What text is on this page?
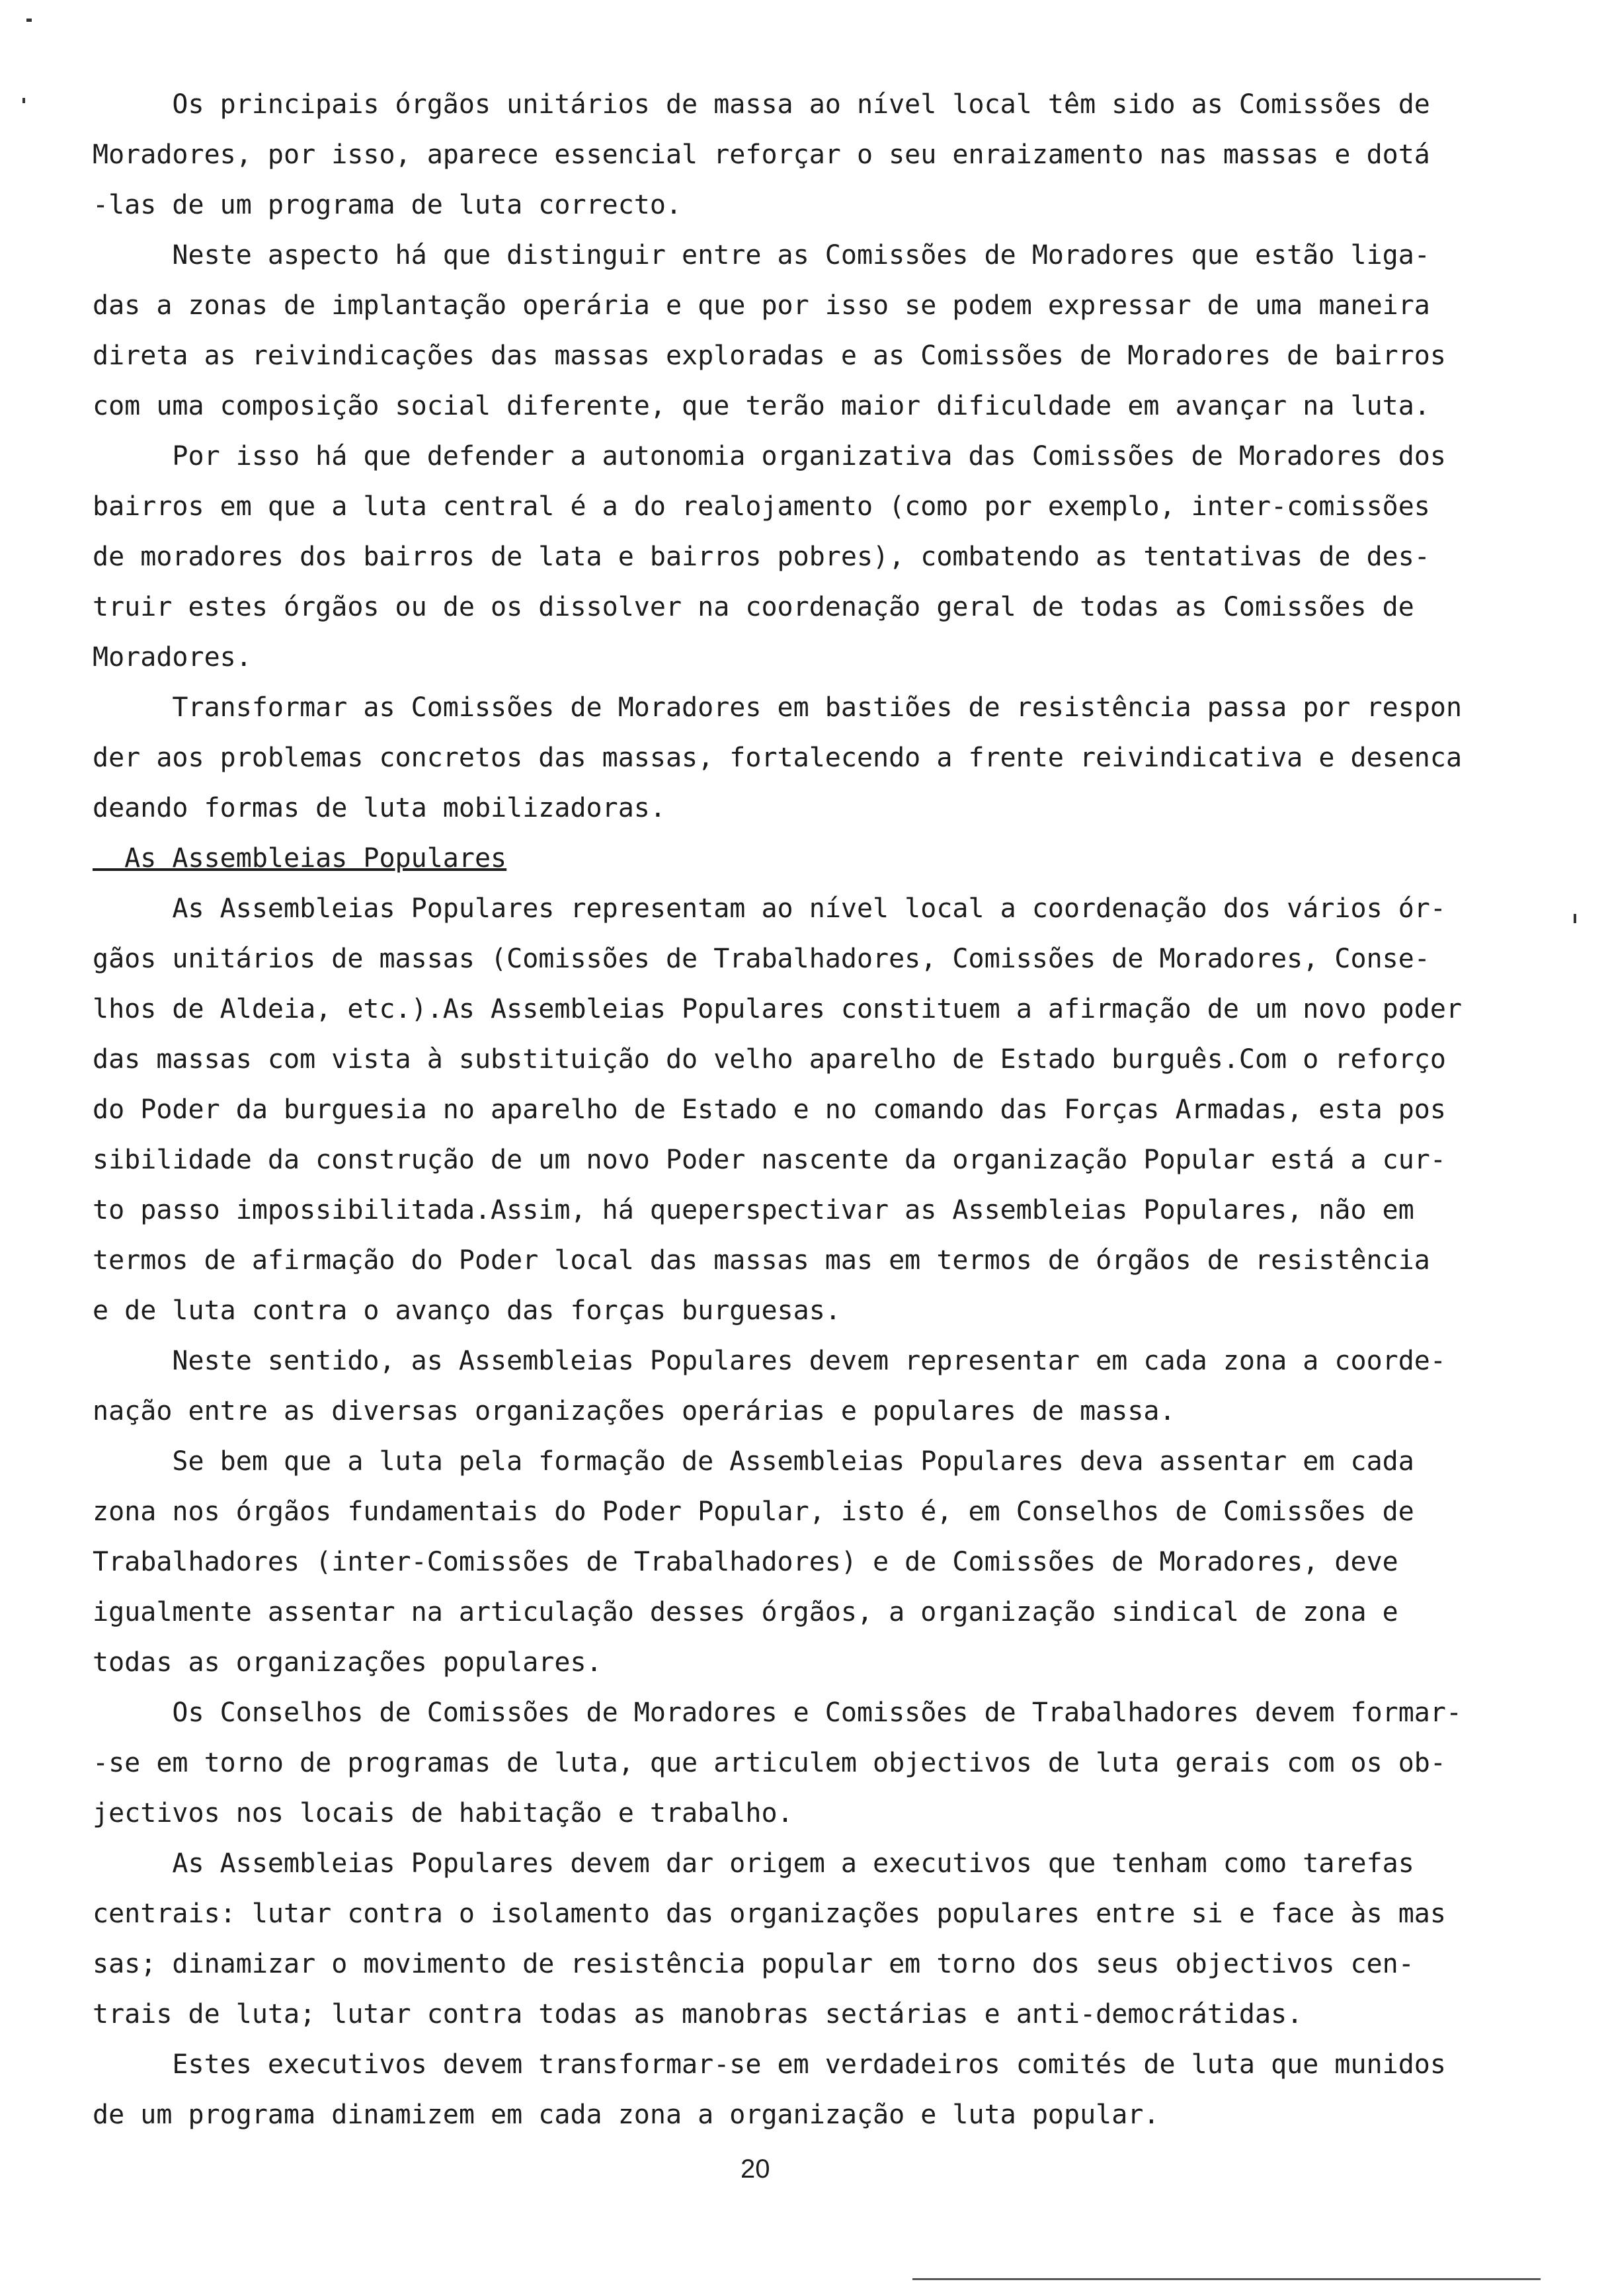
Os principais órgãos unitários de massa ao nível local têm sido as Comissões de

Moradores, por isso, aparece essencial reforçar o seu enraizamento nas massas e dotá

-las de um programa de luta correcto.

Neste aspecto há que distinguir entre as Comissões de Moradores que estão liga-

das a zonas de implantação operária e que por isso se podem expressar de uma maneira

direta as reivindicações das massas exploradas e as Comissões de Moradores de bairros

com uma composição social diferente, que terão maior dificuldade em avançar na luta.

Por isso há que defender a autonomia organizativa das Comissões de Moradores dos

bairros em que a luta central é a do realojamento (como por exemplo, inter-comissões

de moradores dos bairros de lata e bairros pobres), combatendo as tentativas de des-

truir estes órgãos ou de os dissolver na coordenação geral de todas as Comissões de

Moradores.

Transformar as Comissões de Moradores em bastiões de resistência passa por respon

der aos problemas concretos das massas, fortalecendo a frente reivindicativa e desenca

deando formas de luta mobilizadoras.

As Assembleias Populares

As Assembleias Populares representam ao nível local a coordenação dos vários ór-

gãos unitários de massas (Comissões de Trabalhadores, Comissões de Moradores, Conse-

lhos de Aldeia, etc.).As Assembleias Populares constituem a afirmação de um novo poder

das massas com vista à substituição do velho aparelho de Estado burguês.Com o reforço

do Poder da burguesia no aparelho de Estado e no comando das Forças Armadas, esta pos

sibilidade da construção de um novo Poder nascente da organização Popular está a cur-

to passo impossibilitada.Assim, há queperspectivar as Assembleias Populares, não em

termos de afirmação do Poder local das massas mas em termos de órgãos de resistência

e de luta contra o avanço das forças burguesas.

Neste sentido, as Assembleias Populares devem representar em cada zona a coorde-

nação entre as diversas organizações operárias e populares de massa.

Se bem que a luta pela formação de Assembleias Populares deva assentar em cada

zona nos órgãos fundamentais do Poder Popular, isto é, em Conselhos de Comissões de

Trabalhadores (inter-Comissões de Trabalhadores) e de Comissões de Moradores, deve

igualmente assentar na articulação desses órgãos, a organização sindical de zona e

todas as organizações populares.

Os Conselhos de Comissões de Moradores e Comissões de Trabalhadores devem formar-

-se em torno de programas de luta, que articulem objectivos de luta gerais com os ob-

jectivos nos locais de habitação e trabalho.

As Assembleias Populares devem dar origem a executivos que tenham como tarefas

centrais: lutar contra o isolamento das organizações populares entre si e face às mas

sas; dinamizar o movimento de resistência popular em torno dos seus objectivos cen-

trais de luta; lutar contra todas as manobras sectárias e anti-democrátidas.

Estes executivos devem transformar-se em verdadeiros comités de luta que munidos

de um programa dinamizem em cada zona a organização e luta popular.

20
